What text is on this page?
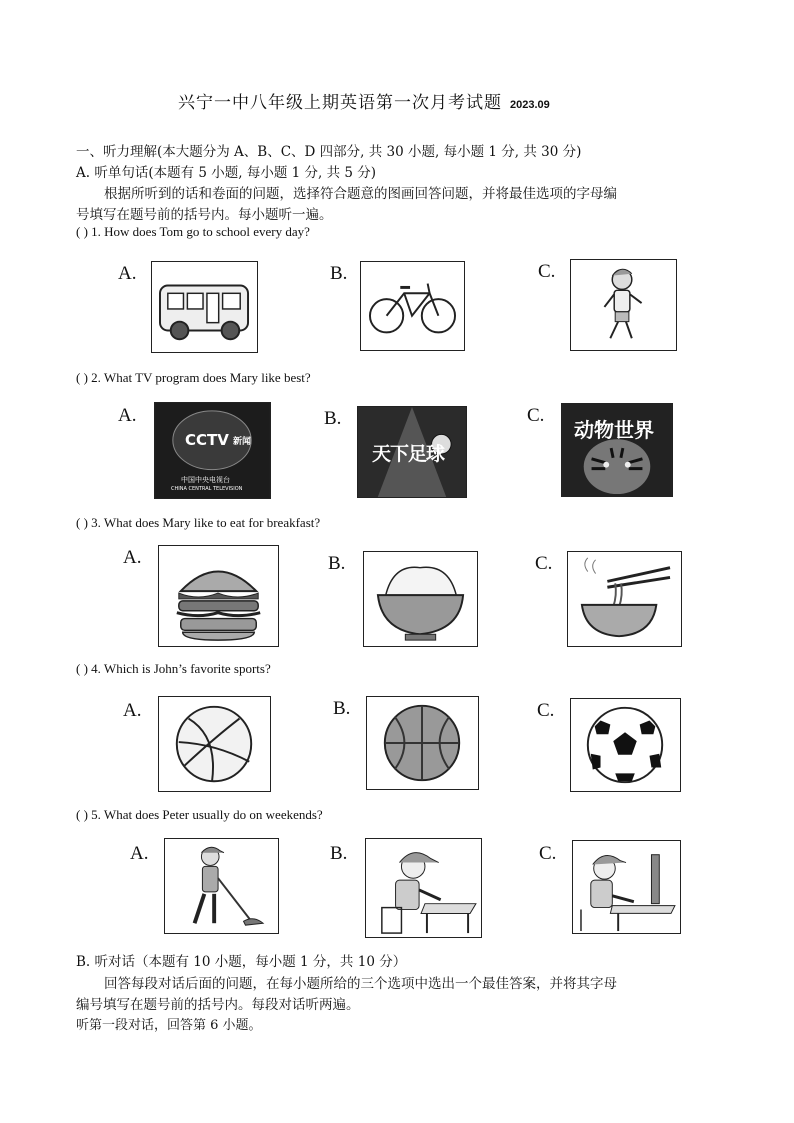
兴宁一中八年级上期英语第一次月考试题 2023.09
一、听力理解(本大题分为 A、B、C、D 四部分, 共 30 小题, 每小题 1 分, 共 30 分)
A. 听单句话(本题有 5 小题, 每小题 1 分, 共 5 分)
根据所听到的话和卷面的问题，选择符合题意的图画回答问题，并将最佳选项的字母编
号填写在题号前的括号内。每小题听一遍。
( ) 1. How does Tom go to school every day?
A.	B.	C.
( ) 2. What TV program does Mary like best?
A.
CCTV 新闻
中国中央电视台
CHINA CENTRAL TELEVISION
B.
天下足球
C.
动物世界
( ) 3. What does Mary like to eat for breakfast?
A.	B.	C.
( ) 4. Which is John’s favorite sports?
A.	B.	C.
( ) 5. What does Peter usually do on weekends?
A.	B.	C.
B. 听对话（本题有 10 小题，每小题 1 分，共 10 分）
回答每段对话后面的问题，在每小题所给的三个选项中选出一个最佳答案，并将其字母
编号填写在题号前的括号内。每段对话听两遍。
听第一段对话，回答第 6 小题。
